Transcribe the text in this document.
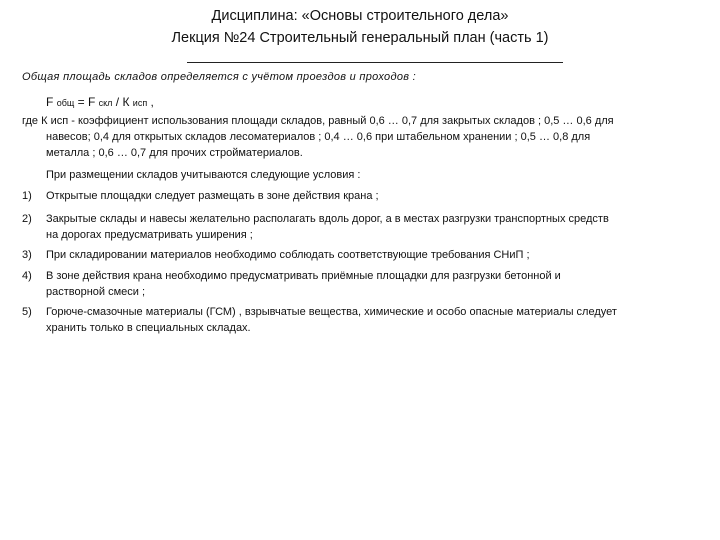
Дисциплина: «Основы строительного дела»
Лекция №24 Строительный генеральный план (часть 1)
Общая площадь складов определяется с учётом проездов и проходов :
F общ = F скл / К исп ,
где К исп - коэффициент использования площади складов, равный 0,6 … 0,7 для закрытых складов ; 0,5 … 0,6 для
навесов; 0,4 для открытых складов лесоматериалов ; 0,4 … 0,6 при штабельном хранении ; 0,5 … 0,8 для
металла ; 0,6 … 0,7 для прочих стройматериалов.
При размещении складов учитываются следующие условия :
1) Открытые площадки следует размещать в зоне действия крана ;
2) Закрытые склады и навесы желательно располагать вдоль дорог, а в местах разгрузки транспортных средств
на дорогах предусматривать уширения ;
3) При складировании материалов необходимо соблюдать соответствующие требования СНиП ;
4) В зоне действия крана необходимо предусматривать приёмные площадки для разгрузки бетонной и
растворной смеси ;
5) Горюче-смазочные материалы (ГСМ) , взрывчатые вещества, химические и особо опасные материалы следует
хранить только в специальных складах.
